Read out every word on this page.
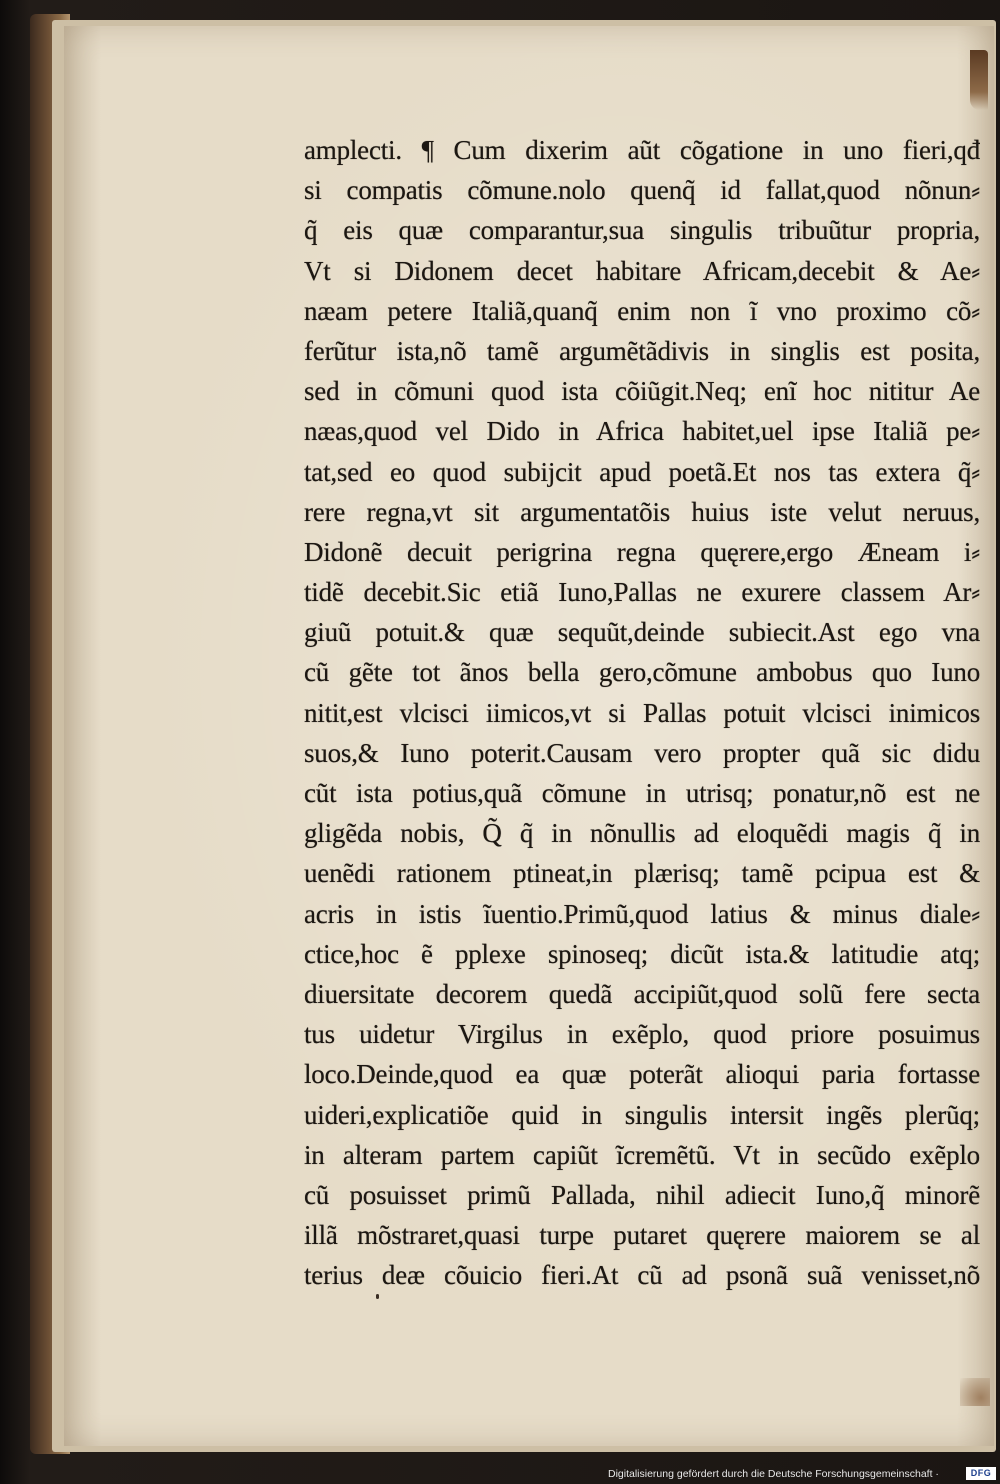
amplecti. ¶ Cum dixerim aũt cõgatione in uno fieri,qđ
si compatis cõmune.nolo quenq̃ id fallat,quod nõnun⸗
q̃ eis quæ comparantur,sua singulis tribuũtur propria,
Vt si Didonem decet habitare Africam,decebit & Ae⸗
næam petere Italiã,quanq̃ enim non ĩ vno proximo cõ⸗
ferũtur ista,nõ tamẽ argumẽtãdivis in singlis est posita,
sed in cõmuni quod ista cõiũgit.Neq; enĩ hoc nititur Ae
næas,quod vel Dido in Africa habitet,uel ipse Italiã pe⸗
tat,sed eo quod subijcit apud poetã.Et nos tas extera q̃⸗
rere regna,vt sit argumentatõis huius iste velut neruus,
Didonẽ decuit perigrina regna quęrere,ergo Æneam i⸗
tidẽ decebit.Sic etiã Iuno,Pallas ne exurere classem Ar⸗
giuũ potuit.& quæ sequũt,deinde subiecit.Ast ego vna
cũ gẽte tot ãnos bella gero,cõmune ambobus quo Iuno
nitit,est vlcisci iimicos,vt si Pallas potuit vlcisci inimicos
suos,& Iuno poterit.Causam vero propter quã sic didu
cũt ista potius,quã cõmune in utrisq; ponatur,nõ est ne
gligẽda nobis, Q̃ q̃ in nõnullis ad eloquẽdi magis q̃ in
uenẽdi rationem ptineat,in plærisq; tamẽ pcipua est &
acris in istis ĩuentio.Primũ,quod latius & minus diale⸗
ctice,hoc ẽ pplexe spinoseq; dicũt ista.& latitudie atq;
diuersitate decorem quedã accipiũt,quod solũ fere secta
tus uidetur Virgilus in exẽplo, quod priore posuimus
loco.Deinde,quod ea quæ poterãt alioqui paria fortasse
uideri,explicatiõe quid in singulis intersit ingẽs plerũq;
in alteram partem capiũt ĩcremẽtũ. Vt in secũdo exẽplo
cũ posuisset primũ Pallada, nihil adiecit Iuno,q̃ minorẽ
illã mõstraret,quasi turpe putaret quęrere maiorem se al
terius deæ cõuicio fieri.At cũ ad psonã suã venisset,nõ
Digitalisierung gefördert durch die Deutsche Forschungsgemeinschaft ·	DFG
